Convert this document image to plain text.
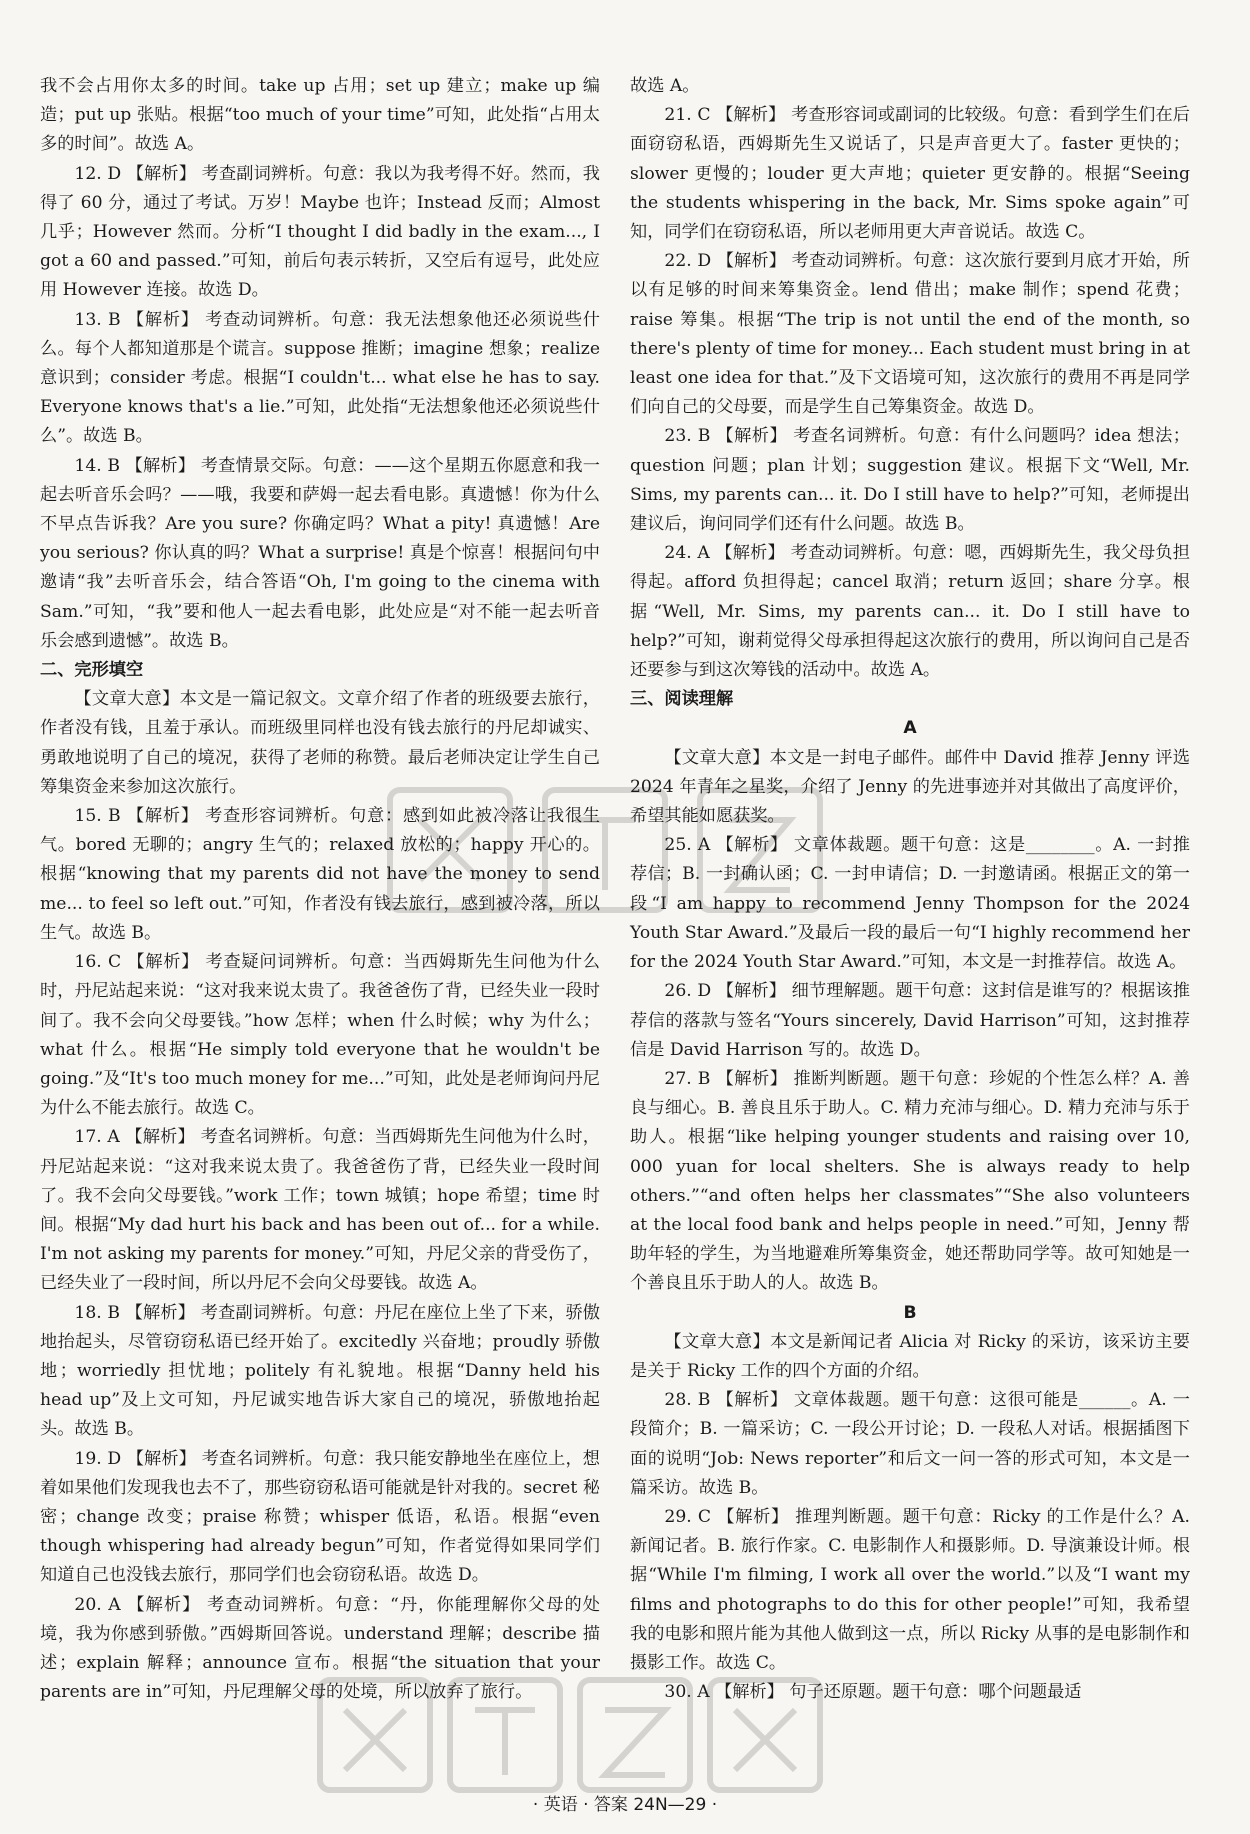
我不会占用你太多的时间。take up 占用；set up 建立；make up 编造；put up 张贴。根据“too much of your time”可知，此处指“占用太多的时间”。故选 A。

12. D 【解析】 考查副词辨析。句意：我以为我考得不好。然而，我得了 60 分，通过了考试。万岁！Maybe 也许；Instead 反而；Almost 几乎；However 然而。分析“I thought I did badly in the exam..., I got a 60 and passed.”可知，前后句表示转折，又空后有逗号，此处应用 However 连接。故选 D。

13. B 【解析】 考查动词辨析。句意：我无法想象他还必须说些什么。每个人都知道那是个谎言。suppose 推断；imagine 想象；realize 意识到；consider 考虑。根据“I couldn't... what else he has to say. Everyone knows that's a lie.”可知，此处指“无法想象他还必须说些什么”。故选 B。

14. B 【解析】 考查情景交际。句意：——这个星期五你愿意和我一起去听音乐会吗？——哦，我要和萨姆一起去看电影。真遗憾！你为什么不早点告诉我？Are you sure? 你确定吗？What a pity! 真遗憾！Are you serious? 你认真的吗？What a surprise! 真是个惊喜！根据问句中邀请“我”去听音乐会，结合答语“Oh, I'm going to the cinema with Sam.”可知，“我”要和他人一起去看电影，此处应是“对不能一起去听音乐会感到遗憾”。故选 B。

二、完形填空

【文章大意】本文是一篇记叙文。文章介绍了作者的班级要去旅行，作者没有钱，且羞于承认。而班级里同样也没有钱去旅行的丹尼却诚实、勇敢地说明了自己的境况，获得了老师的称赞。最后老师决定让学生自己筹集资金来参加这次旅行。

15. B 【解析】 考查形容词辨析。句意：感到如此被冷落让我很生气。bored 无聊的；angry 生气的；relaxed 放松的；happy 开心的。根据“knowing that my parents did not have the money to send me... to feel so left out.”可知，作者没有钱去旅行，感到被冷落，所以生气。故选 B。

16. C 【解析】 考查疑问词辨析。句意：当西姆斯先生问他为什么时，丹尼站起来说：“这对我来说太贵了。我爸爸伤了背，已经失业一段时间了。我不会向父母要钱。”how 怎样；when 什么时候；why 为什么；what 什么。根据“He simply told everyone that he wouldn't be going.”及“It's too much money for me...”可知，此处是老师询问丹尼为什么不能去旅行。故选 C。

17. A 【解析】 考查名词辨析。句意：当西姆斯先生问他为什么时，丹尼站起来说：“这对我来说太贵了。我爸爸伤了背，已经失业一段时间了。我不会向父母要钱。”work 工作；town 城镇；hope 希望；time 时间。根据“My dad hurt his back and has been out of... for a while. I'm not asking my parents for money.”可知，丹尼父亲的背受伤了，已经失业了一段时间，所以丹尼不会向父母要钱。故选 A。

18. B 【解析】 考查副词辨析。句意：丹尼在座位上坐了下来，骄傲地抬起头，尽管窃窃私语已经开始了。excitedly 兴奋地；proudly 骄傲地；worriedly 担忧地；politely 有礼貌地。根据“Danny held his head up”及上文可知，丹尼诚实地告诉大家自己的境况，骄傲地抬起头。故选 B。

19. D 【解析】 考查名词辨析。句意：我只能安静地坐在座位上，想着如果他们发现我也去不了，那些窃窃私语可能就是针对我的。secret 秘密；change 改变；praise 称赞；whisper 低语，私语。根据“even though whispering had already begun”可知，作者觉得如果同学们知道自己也没钱去旅行，那同学们也会窃窃私语。故选 D。

20. A 【解析】 考查动词辨析。句意：“丹，你能理解你父母的处境，我为你感到骄傲。”西姆斯回答说。understand 理解；describe 描述；explain 解释；announce 宣布。根据“the situation that your parents are in”可知，丹尼理解父母的处境，所以放弃了旅行。

故选 A。

21. C 【解析】 考查形容词或副词的比较级。句意：看到学生们在后面窃窃私语，西姆斯先生又说话了，只是声音更大了。faster 更快的；slower 更慢的；louder 更大声地；quieter 更安静的。根据“Seeing the students whispering in the back, Mr. Sims spoke again”可知，同学们在窃窃私语，所以老师用更大声音说话。故选 C。

22. D 【解析】 考查动词辨析。句意：这次旅行要到月底才开始，所以有足够的时间来筹集资金。lend 借出；make 制作；spend 花费；raise 筹集。根据“The trip is not until the end of the month, so there's plenty of time for money... Each student must bring in at least one idea for that.”及下文语境可知，这次旅行的费用不再是同学们向自己的父母要，而是学生自己筹集资金。故选 D。

23. B 【解析】 考查名词辨析。句意：有什么问题吗？idea 想法；question 问题；plan 计划；suggestion 建议。根据下文“Well, Mr. Sims, my parents can... it. Do I still have to help?”可知，老师提出建议后，询问同学们还有什么问题。故选 B。

24. A 【解析】 考查动词辨析。句意：嗯，西姆斯先生，我父母负担得起。afford 负担得起；cancel 取消；return 返回；share 分享。根据“Well, Mr. Sims, my parents can... it. Do I still have to help?”可知，谢莉觉得父母承担得起这次旅行的费用，所以询问自己是否还要参与到这次筹钱的活动中。故选 A。

三、阅读理解

A

【文章大意】本文是一封电子邮件。邮件中 David 推荐 Jenny 评选 2024 年青年之星奖，介绍了 Jenny 的先进事迹并对其做出了高度评价，希望其能如愿获奖。

25. A 【解析】 文章体裁题。题干句意：这是________。A. 一封推荐信；B. 一封确认函；C. 一封申请信；D. 一封邀请函。根据正文的第一段“I am happy to recommend Jenny Thompson for the 2024 Youth Star Award.”及最后一段的最后一句“I highly recommend her for the 2024 Youth Star Award.”可知，本文是一封推荐信。故选 A。

26. D 【解析】 细节理解题。题干句意：这封信是谁写的？根据该推荐信的落款与签名“Yours sincerely, David Harrison”可知，这封推荐信是 David Harrison 写的。故选 D。

27. B 【解析】 推断判断题。题干句意：珍妮的个性怎么样？A. 善良与细心。B. 善良且乐于助人。C. 精力充沛与细心。D. 精力充沛与乐于助人。根据“like helping younger students and raising over 10, 000 yuan for local shelters. She is always ready to help others.”“and often helps her classmates”“She also volunteers at the local food bank and helps people in need.”可知，Jenny 帮助年轻的学生，为当地避难所筹集资金，她还帮助同学等。故可知她是一个善良且乐于助人的人。故选 B。

B

【文章大意】本文是新闻记者 Alicia 对 Ricky 的采访，该采访主要是关于 Ricky 工作的四个方面的介绍。

28. B 【解析】 文章体裁题。题干句意：这很可能是______。A. 一段简介；B. 一篇采访；C. 一段公开讨论；D. 一段私人对话。根据插图下面的说明“Job: News reporter”和后文一问一答的形式可知，本文是一篇采访。故选 B。

29. C 【解析】 推理判断题。题干句意：Ricky 的工作是什么？A. 新闻记者。B. 旅行作家。C. 电影制作人和摄影师。D. 导演兼设计师。根据“While I'm filming, I work all over the world.”以及“I want my films and photographs to do this for other people!”可知，我希望我的电影和照片能为其他人做到这一点，所以 Ricky 从事的是电影制作和摄影工作。故选 C。

30. A 【解析】 句子还原题。题干句意：哪个问题最适

· 英语 · 答案 24N—29 ·
